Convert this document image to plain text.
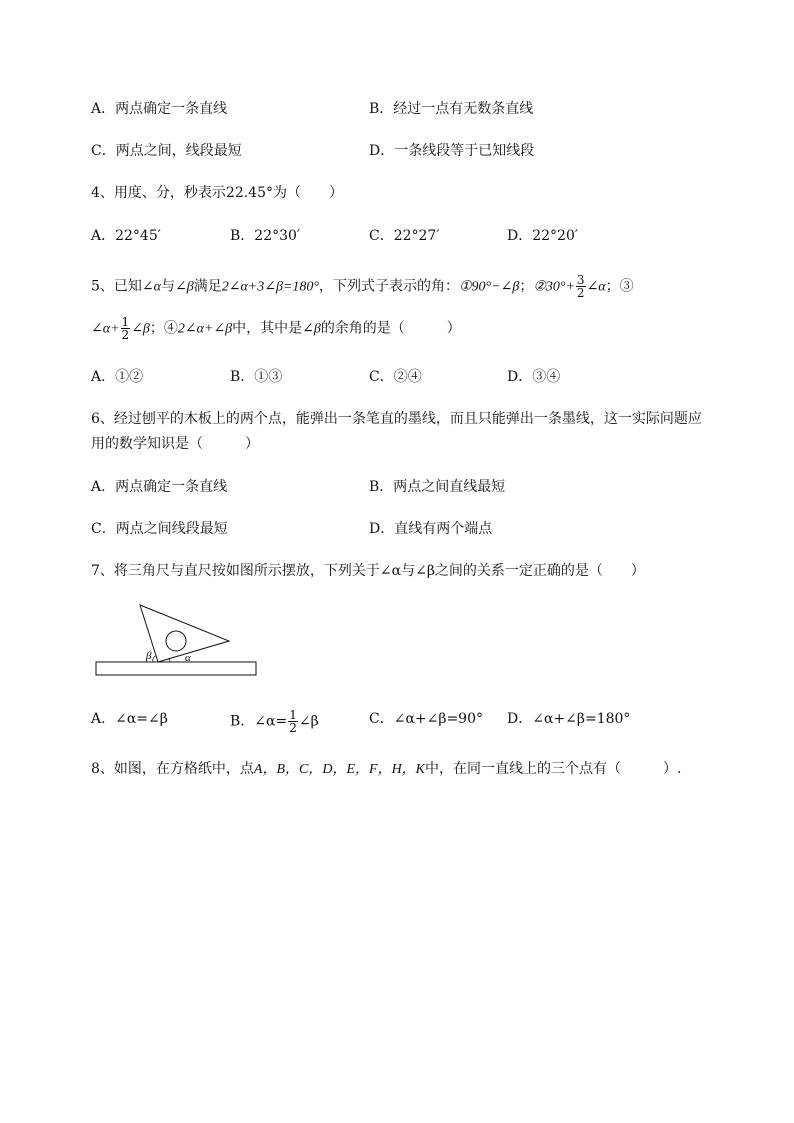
A．两点确定一条直线	B．经过一点有无数条直线
C．两点之间，线段最短	D．一条线段等于已知线段
4、用度、分，秒表示22.45°为（　　）
A．22°45′	B．22°30′	C．22°27′	D．22°20′
5、已知∠α与∠β满足2∠α+3∠β=180°，下列式子表示的角：①90°−∠β；②30°+ $\frac{3}{2}$ ∠α；③
∠α+ $\frac{1}{2}$ ∠β；④2∠α+∠β中，其中是∠β的余角的是（　　　）
A．①②	B．①③	C．②④	D．③④
6、经过刨平的木板上的两个点，能弹出一条笔直的墨线，而且只能弹出一条墨线，这一实际问题应
用的数学知识是（　　　）
A．两点确定一条直线	B．两点之间直线最短
C．两点之间线段最短	D．直线有两个端点
7、将三角尺与直尺按如图所示摆放，下列关于∠α与∠β之间的关系一定正确的是（　　）
β	α
A．∠α=∠β	B．∠α= $\frac{1}{2}$ ∠β	C．∠α+∠β=90° D．∠α+∠β=180°
8、如图，在方格纸中，点A，B，C，D，E，F，H，K中，在同一直线上的三个点有（　　　）.
